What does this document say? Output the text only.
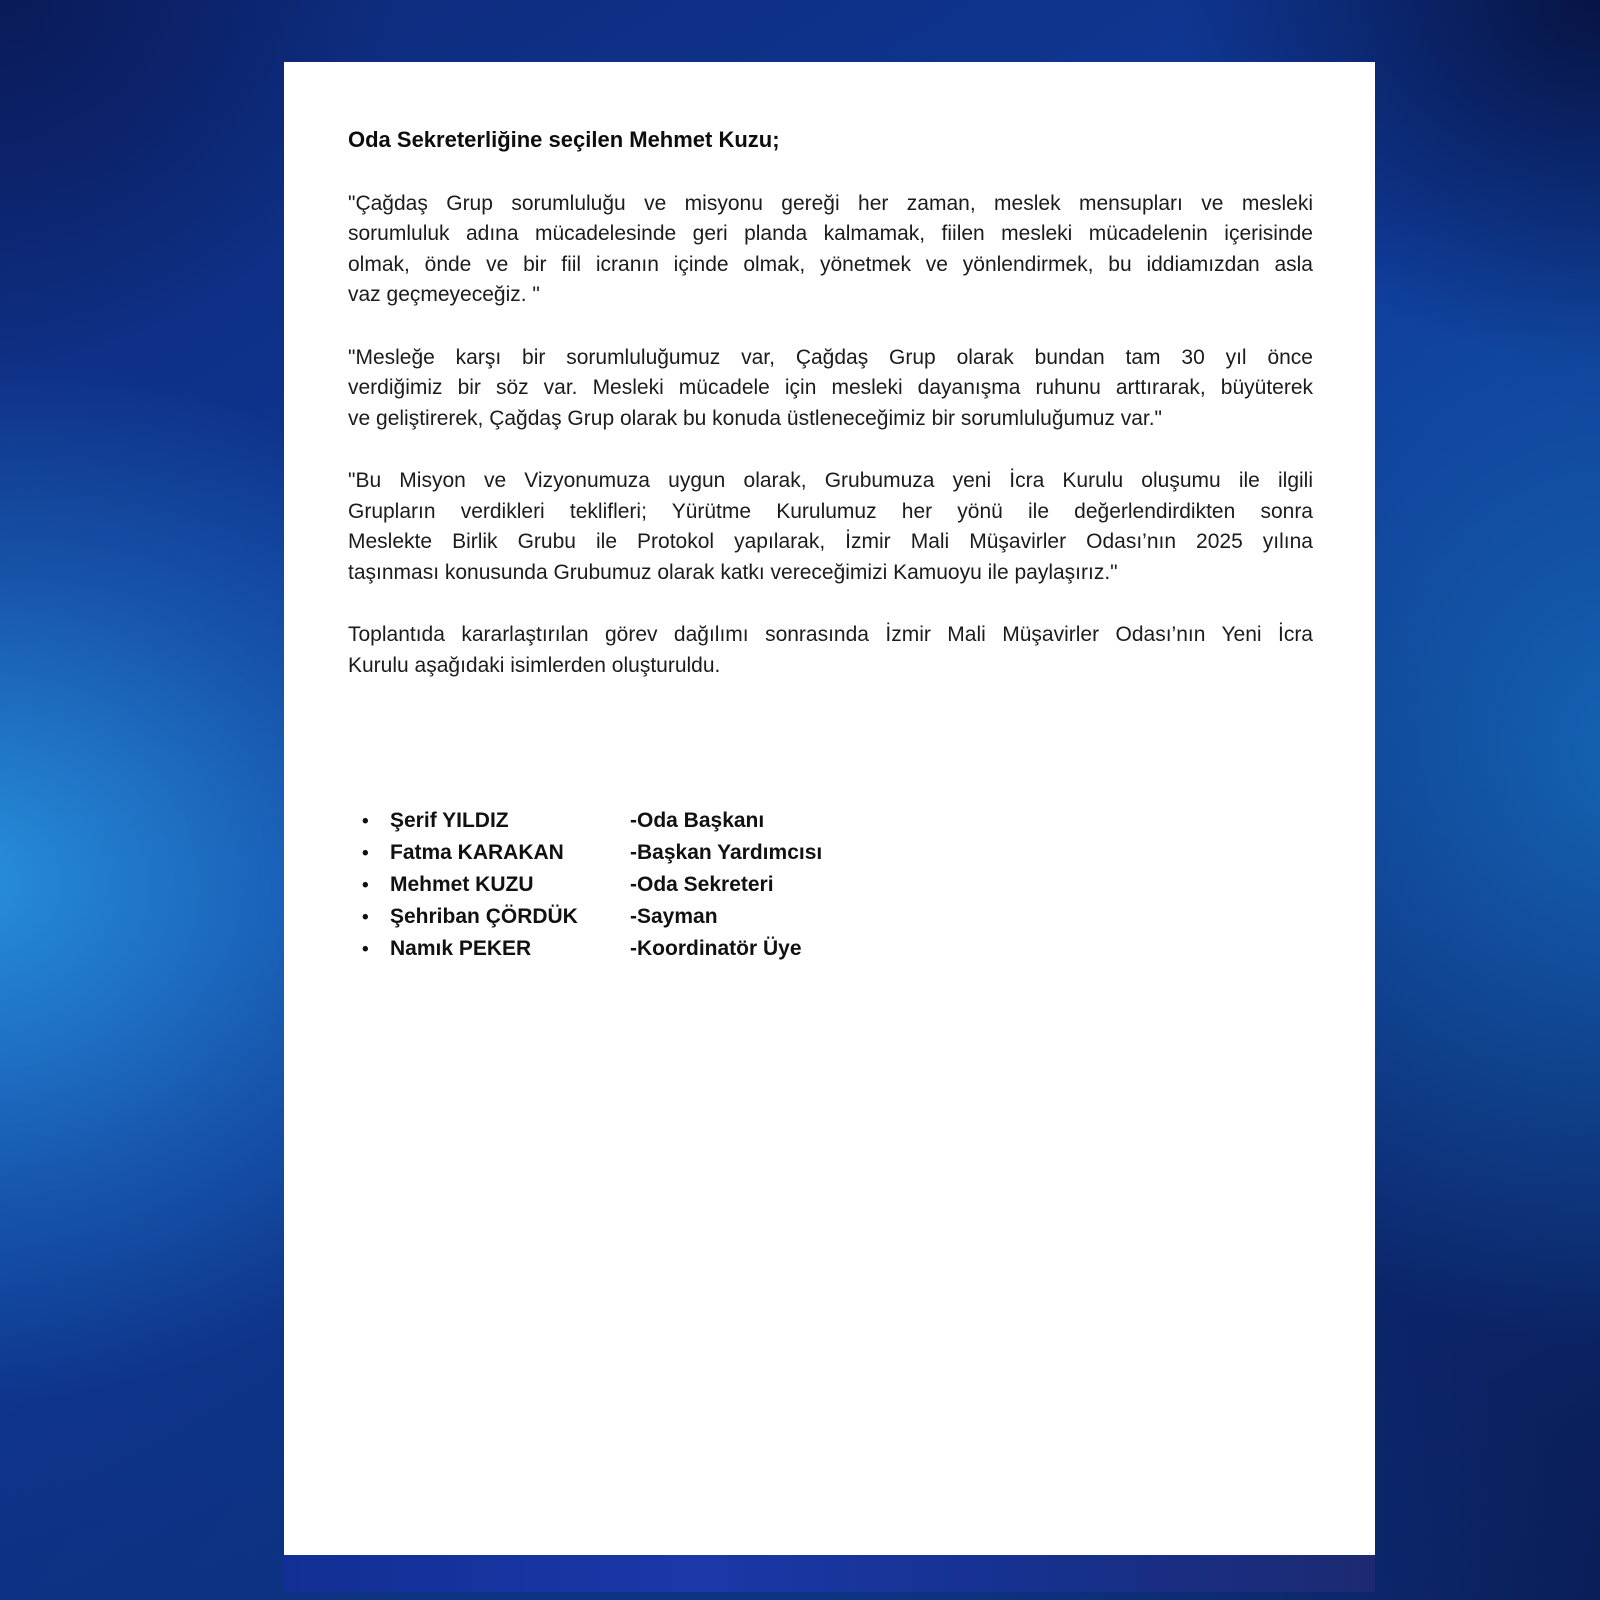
Oda Sekreterliğine seçilen Mehmet Kuzu;

"Çağdaş Grup sorumluluğu ve misyonu gereği her zaman, meslek mensupları ve mesleki
sorumluluk adına mücadelesinde geri planda kalmamak, fiilen mesleki mücadelenin içerisinde
olmak, önde ve bir fiil icranın içinde olmak, yönetmek ve yönlendirmek, bu iddiamızdan asla
vaz geçmeyeceğiz. "

"Mesleğe karşı bir sorumluluğumuz var, Çağdaş Grup olarak bundan tam 30 yıl önce
verdiğimiz bir söz var. Mesleki mücadele için mesleki dayanışma ruhunu arttırarak, büyüterek
ve geliştirerek, Çağdaş Grup olarak bu konuda üstleneceğimiz bir sorumluluğumuz var."

"Bu Misyon ve Vizyonumuza uygun olarak, Grubumuza yeni İcra Kurulu oluşumu ile ilgili
Grupların verdikleri teklifleri; Yürütme Kurulumuz her yönü ile değerlendirdikten sonra
Meslekte Birlik Grubu ile Protokol yapılarak, İzmir Mali Müşavirler Odası’nın 2025 yılına
taşınması konusunda Grubumuz olarak katkı vereceğimizi Kamuoyu ile paylaşırız."

Toplantıda kararlaştırılan görev dağılımı sonrasında İzmir Mali Müşavirler Odası’nın Yeni İcra
Kurulu aşağıdaki isimlerden oluşturuldu.

•	Şerif YILDIZ	-Oda Başkanı
•	Fatma KARAKAN	-Başkan Yardımcısı
•	Mehmet KUZU	-Oda Sekreteri
•	Şehriban ÇÖRDÜK	-Sayman
•	Namık PEKER	-Koordinatör Üye
